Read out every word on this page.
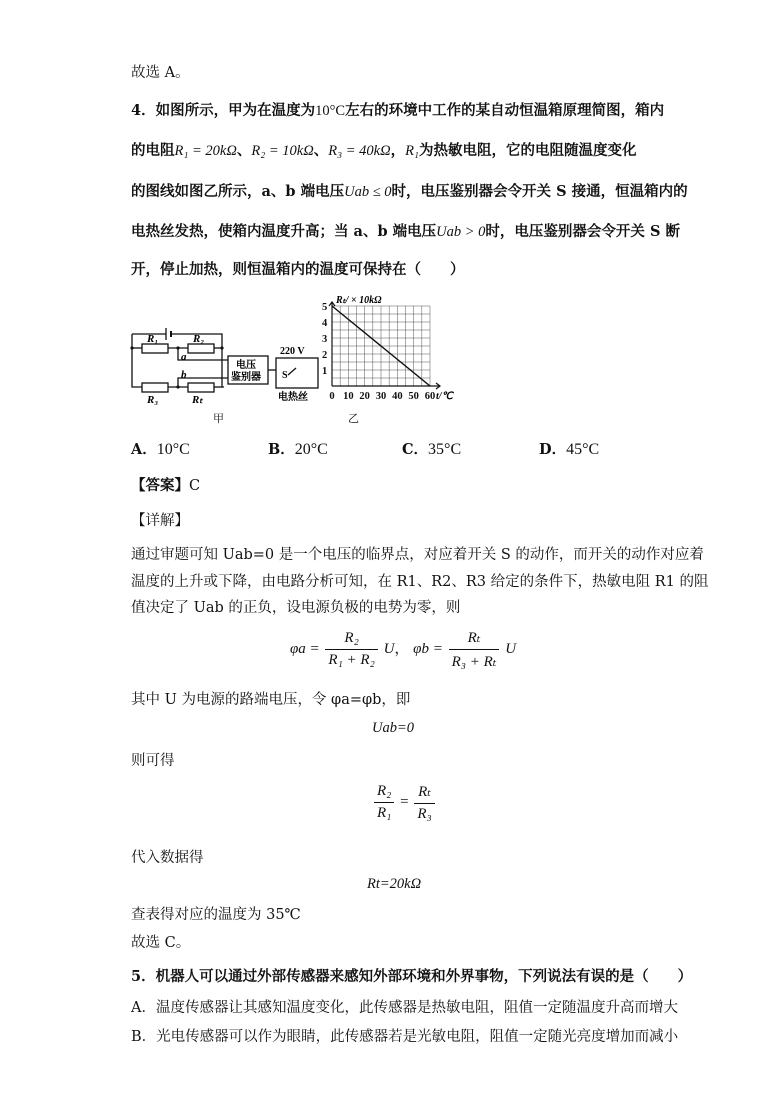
故选 A。
4．如图所示，甲为在温度为10°C左右的环境中工作的某自动恒温箱原理简图，箱内
的电阻R₁ = 20kΩ、R₂ = 10kΩ、R₃ = 40kΩ，R₁为热敏电阻，它的电阻随温度变化
的图线如图乙所示，a、b 端电压Uab ≤ 0时，电压鉴别器会令开关 S 接通，恒温箱内的
电热丝发热，使箱内温度升高；当 a、b 端电压Uab > 0时，电压鉴别器会令开关 S 断
开，停止加热，则恒温箱内的温度可保持在（　　）
R₁	R₂
R₃	Rₜ
a
b
电压
鉴别器
220 V
S
电热丝
甲
0 10 20 30 40 50 60
1
2
3
4
5
Rₜ/ × 10kΩ
t/℃
乙
A．10°C	B．20°C	C．35°C	D．45°C
【答案】C
【详解】
通过审题可知 Uab=0 是一个电压的临界点，对应着开关 S 的动作，而开关的动作对应着
温度的上升或下降，由电路分析可知，在 R1、R2、R3 给定的条件下，热敏电阻 R1 的阻
值决定了 Uab 的正负，设电源负极的电势为零，则
$\varphi a = \frac{\text{R₂}}{\text{R₁ + R₂}}$ U， $\varphi b = \frac{\text{Rₜ}}{\text{R₃ + Rₜ}}$ U
其中 U 为电源的路端电压，令 φa=φb，即
Uab=0
则可得
$\frac{\text{R₂}}{\text{R₁}} = \frac{\text{Rₜ}}{\text{R₃}}$
代入数据得
Rt=20kΩ
查表得对应的温度为 35℃
故选 C。
5．机器人可以通过外部传感器来感知外部环境和外界事物，下列说法有误的是（　　）
A．温度传感器让其感知温度变化，此传感器是热敏电阻，阻值一定随温度升高而增大
B．光电传感器可以作为眼睛，此传感器若是光敏电阻，阻值一定随光亮度增加而减小
